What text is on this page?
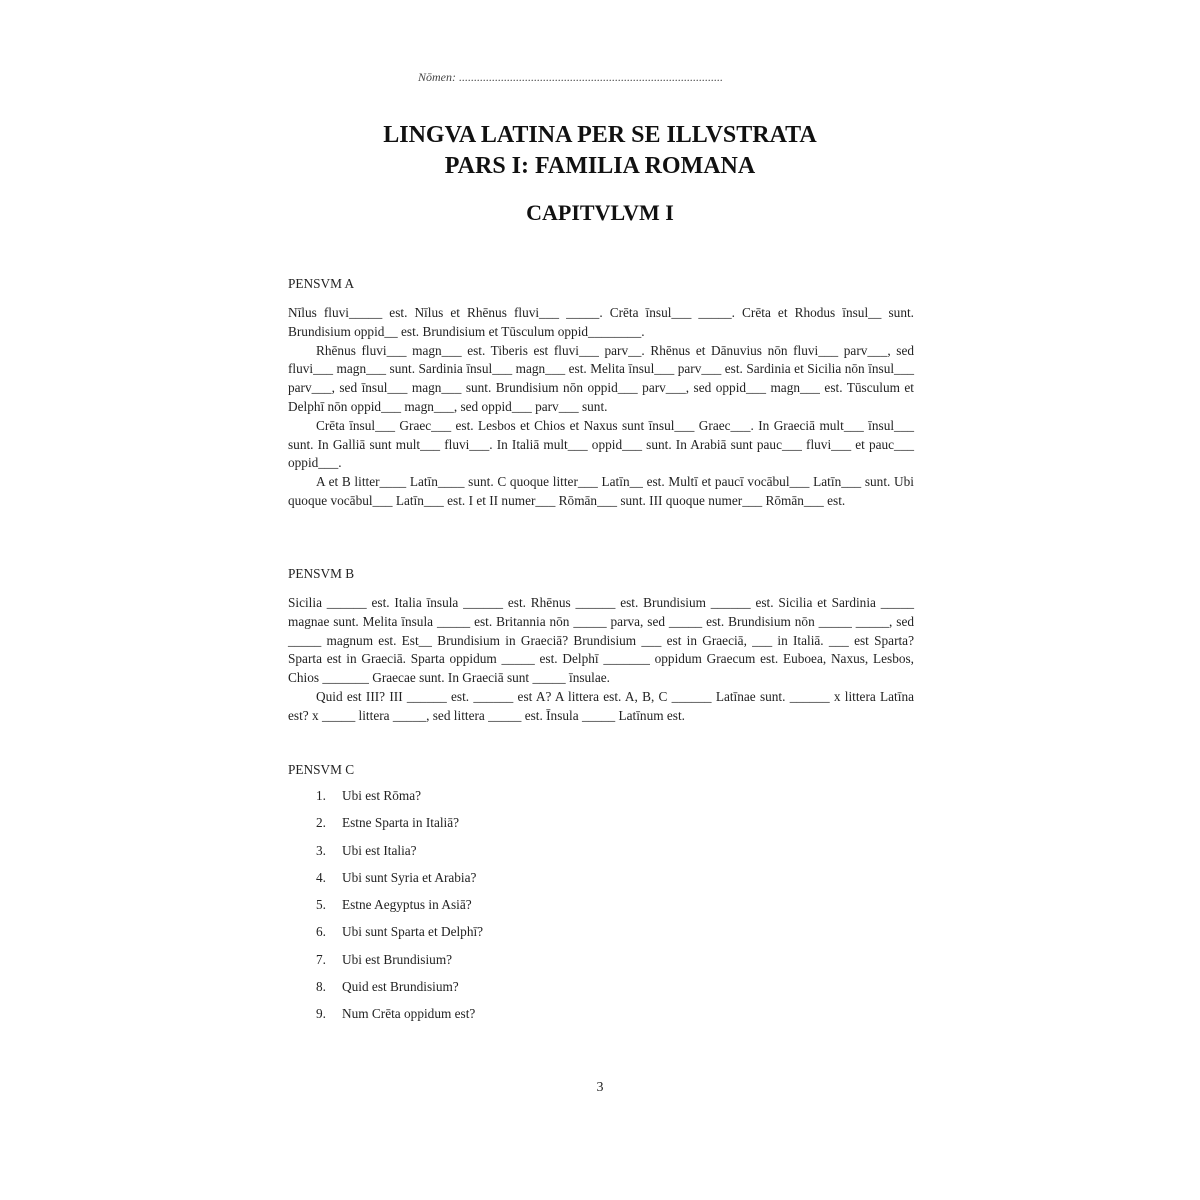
Nōmen: ........................................................................................
LINGVA LATINA PER SE ILLVSTRATA
PARS I: FAMILIA ROMANA
CAPITVLVM I
PENSVM A

Nīlus fluvi_____ est. Nīlus et Rhēnus fluvi___ _____. Crēta īnsul___ _____. Crēta et Rhodus īnsul__ sunt. Brundisium oppid__ est. Brundisium et Tūsculum oppid________.

Rhēnus fluvi___ magn___ est. Tiberis est fluvi___ parv__. Rhēnus et Dānuvius nōn fluvi___ parv___, sed fluvi___ magn___ sunt. Sardinia īnsul___ magn___ est. Melita īnsul___ parv___ est. Sardinia et Sicilia nōn īnsul___ parv___, sed īnsul___ magn___ sunt. Brundisium nōn oppid___ parv___, sed oppid___ magn___ est. Tūsculum et Delphī nōn oppid___ magn___, sed oppid___ parv___ sunt.

Crēta īnsul___ Graec___ est. Lesbos et Chios et Naxus sunt īnsul___ Graec___. In Graeciā mult___ īnsul___ sunt. In Galliā sunt mult___ fluvi___. In Italiā mult___ oppid___ sunt. In Arabiā sunt pauc___ fluvi___ et pauc___ oppid___.

A et B litter____ Latīn____ sunt. C quoque litter___ Latīn__ est. Multī et paucī vocābul___ Latīn___ sunt. Ubi quoque vocābul___ Latīn___ est. I et II numer___ Rōmān___ sunt. III quoque numer___ Rōmān___ est.

PENSVM B

Sicilia ______ est. Italia īnsula ______ est. Rhēnus ______ est. Brundisium ______ est. Sicilia et Sardinia _____ magnae sunt. Melita īnsula _____ est. Britannia nōn _____ parva, sed _____ est. Brundisium nōn _____ _____, sed _____ magnum est. Est__ Brundisium in Graeciā? Brundisium ___ est in Graeciā, ___ in Italiā. ___ est Sparta? Sparta est in Graeciā. Sparta oppidum _____ est. Delphī _______ oppidum Graecum est. Euboea, Naxus, Lesbos, Chios _______ Graecae sunt. In Graeciā sunt _____ īnsulae.

Quid est III? III ______ est. ______ est A? A littera est. A, B, C ______ Latīnae sunt. ______ x littera Latīna est? x _____ littera _____, sed littera _____ est. Īnsula _____ Latīnum est.

PENSVM C
1. Ubi est Rōma?
2. Estne Sparta in Italiā?
3. Ubi est Italia?
4. Ubi sunt Syria et Arabia?
5. Estne Aegyptus in Asiā?
6. Ubi sunt Sparta et Delphī?
7. Ubi est Brundisium?
8. Quid est Brundisium?
9. Num Crēta oppidum est?
3
